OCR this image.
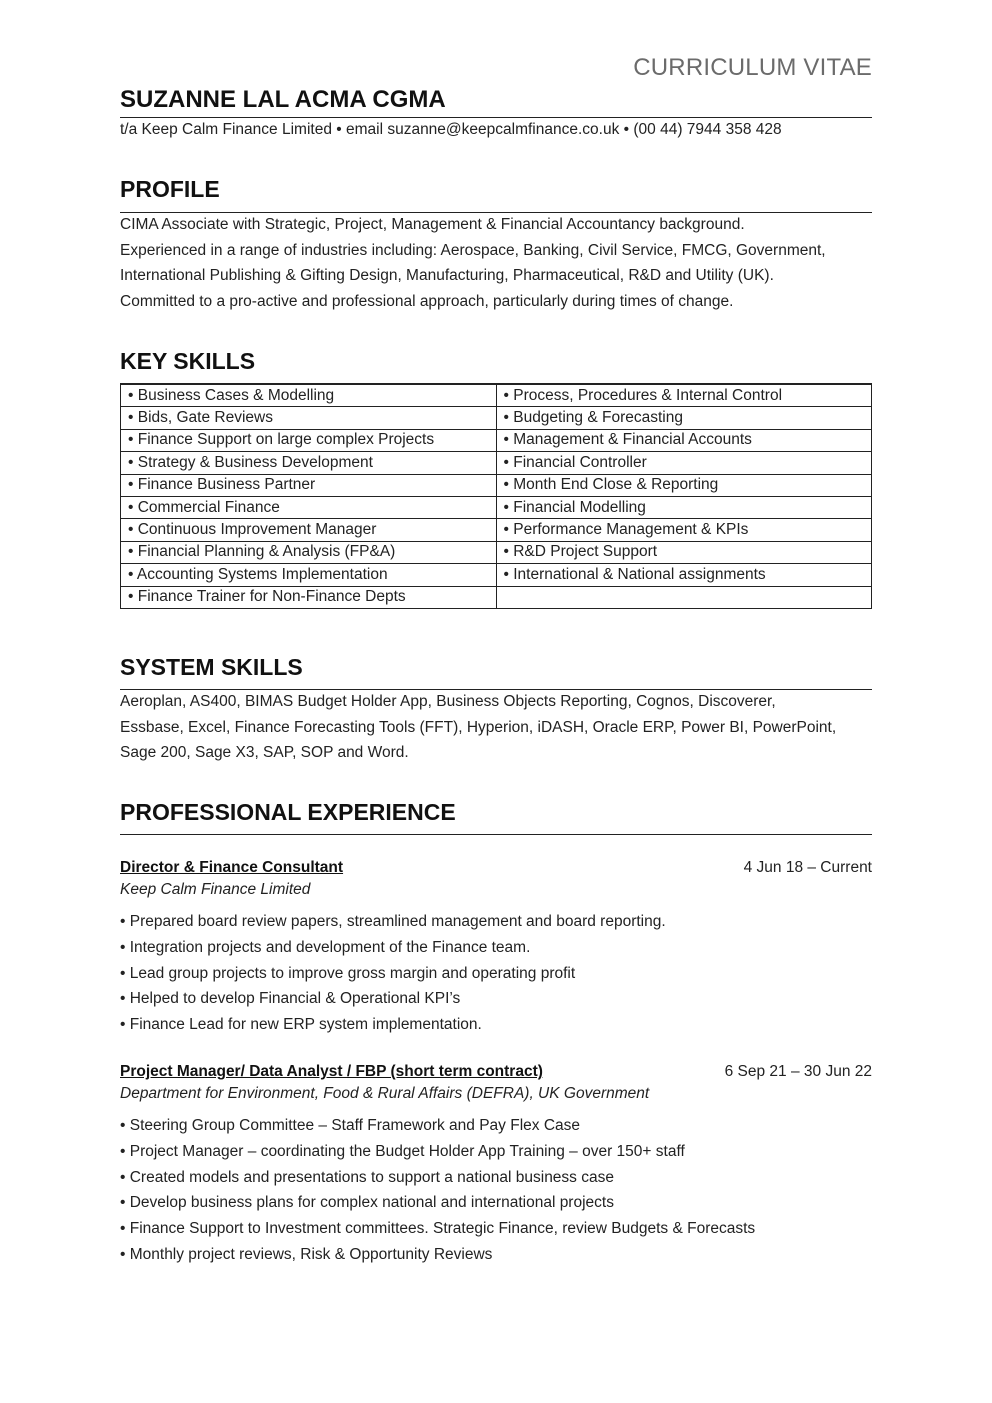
CURRICULUM VITAE
SUZANNE LAL ACMA CGMA
t/a Keep Calm Finance Limited • email suzanne@keepcalmfinance.co.uk • (00 44) 7944 358 428
PROFILE
CIMA Associate with Strategic, Project, Management & Financial Accountancy background.
Experienced in a range of industries including: Aerospace, Banking, Civil Service, FMCG, Government,
International Publishing & Gifting Design, Manufacturing, Pharmaceutical, R&D and Utility (UK).
Committed to a pro-active and professional approach, particularly during times of change.
KEY SKILLS
• Business Cases & Modelling	• Process, Procedures & Internal Control
• Bids, Gate Reviews	• Budgeting & Forecasting
• Finance Support on large complex Projects	• Management & Financial Accounts
• Strategy & Business Development	• Financial Controller
• Finance Business Partner	• Month End Close & Reporting
• Commercial Finance	• Financial Modelling
• Continuous Improvement Manager	• Performance Management & KPIs
• Financial Planning & Analysis (FP&A)	• R&D Project Support
• Accounting Systems Implementation	• International & National assignments
• Finance Trainer for Non-Finance Depts	
SYSTEM SKILLS
Aeroplan, AS400, BIMAS Budget Holder App, Business Objects Reporting, Cognos, Discoverer,
Essbase, Excel, Finance Forecasting Tools (FFT), Hyperion, iDASH, Oracle ERP, Power BI, PowerPoint,
Sage 200, Sage X3, SAP, SOP and Word.
PROFESSIONAL EXPERIENCE
Director & Finance Consultant	4 Jun 18 – Current
Keep Calm Finance Limited
• Prepared board review papers, streamlined management and board reporting.
• Integration projects and development of the Finance team.
• Lead group projects to improve gross margin and operating profit
• Helped to develop Financial & Operational KPI’s
• Finance Lead for new ERP system implementation.
Project Manager/ Data Analyst / FBP (short term contract)	6 Sep 21 – 30 Jun 22
Department for Environment, Food & Rural Affairs (DEFRA), UK Government
• Steering Group Committee – Staff Framework and Pay Flex Case
• Project Manager – coordinating the Budget Holder App Training – over 150+ staff
• Created models and presentations to support a national business case
• Develop business plans for complex national and international projects
• Finance Support to Investment committees. Strategic Finance, review Budgets & Forecasts
• Monthly project reviews, Risk & Opportunity Reviews
